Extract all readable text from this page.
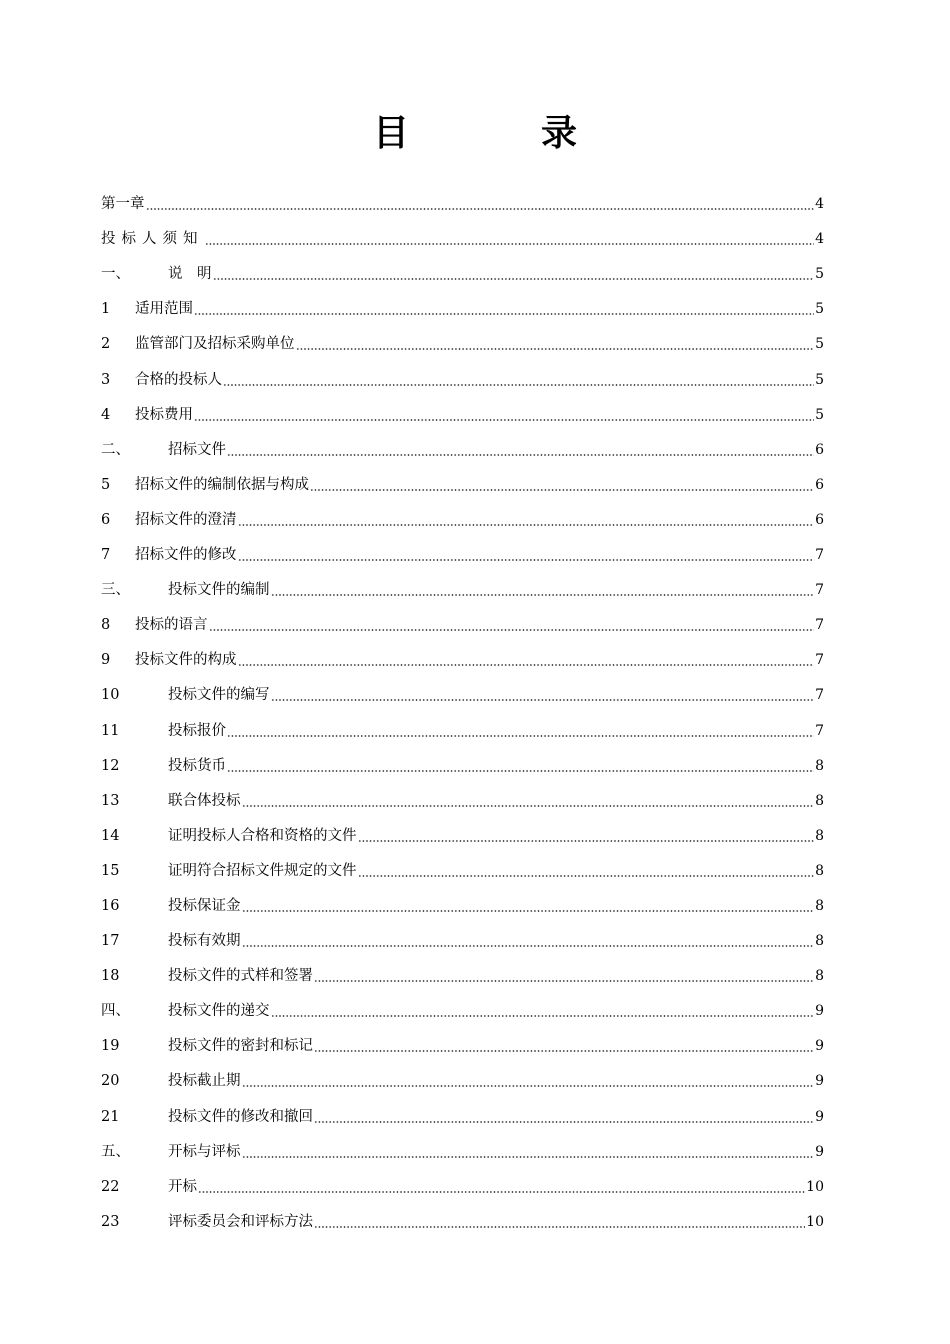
目　录
第一章	4
投标人须知	4
一、	说　明	5
1	适用范围	5
2	监管部门及招标采购单位	5
3	合格的投标人	5
4	投标费用	5
二、	招标文件	6
5	招标文件的编制依据与构成	6
6	招标文件的澄清	6
7	招标文件的修改	7
三、	投标文件的编制	7
8	投标的语言	7
9	投标文件的构成	7
10	投标文件的编写	7
11	投标报价	7
12	投标货币	8
13	联合体投标	8
14	证明投标人合格和资格的文件	8
15	证明符合招标文件规定的文件	8
16	投标保证金	8
17	投标有效期	8
18	投标文件的式样和签署	8
四、	投标文件的递交	9
19	投标文件的密封和标记	9
20	投标截止期	9
21	投标文件的修改和撤回	9
五、	开标与评标	9
22	开标	10
23	评标委员会和评标方法	10
